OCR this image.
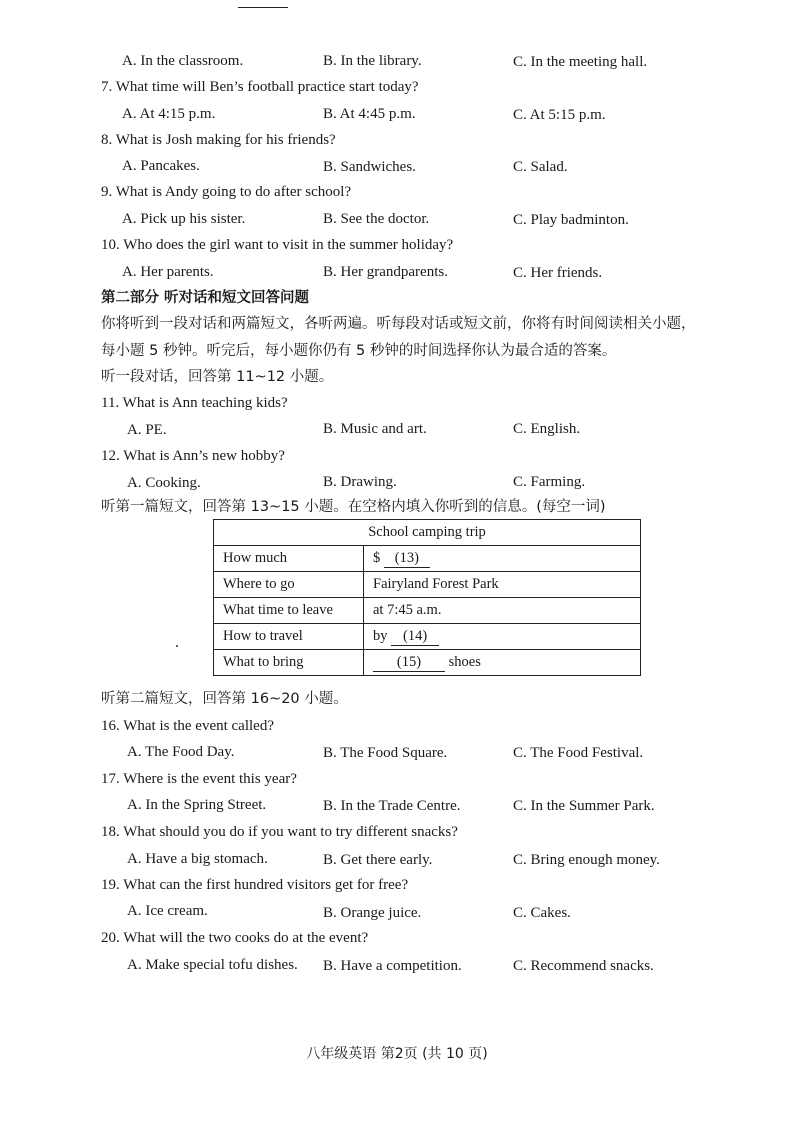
A. In the classroom.	B. In the library.	C. In the meeting hall.
7. What time will Ben’s football practice start today?
A. At 4:15 p.m.	B. At 4:45 p.m.	C. At 5:15 p.m.
8. What is Josh making for his friends?
A. Pancakes.	B. Sandwiches.	C. Salad.
9. What is Andy going to do after school?
A. Pick up his sister.	B. See the doctor.	C. Play badminton.
10. Who does the girl want to visit in the summer holiday?
A. Her parents.	B. Her grandparents.	C. Her friends.
第二部分 听对话和短文回答问题
你将听到一段对话和两篇短文，各听两遍。听每段对话或短文前，你将有时间阅读相关小题，
每小题 5 秒钟。听完后，每小题你仍有 5 秒钟的时间选择你认为最合适的答案。
听一段对话，回答第 11~12 小题。
11. What is Ann teaching kids?
A. PE.	B. Music and art.	C. English.
12. What is Ann’s new hobby?
A. Cooking.	B. Drawing.	C. Farming.
听第一篇短文，回答第 13~15 小题。在空格内填入你听到的信息。(每空一词)
School camping trip	
How much	$ (13)
Where to go	Fairyland Forest Park
What time to leave	at 7:45 a.m.
How to travel	by (14)
What to bring	(15) shoes
听第二篇短文，回答第 16~20 小题。
16. What is the event called?
A. The Food Day.	B. The Food Square.	C. The Food Festival.
17. Where is the event this year?
A. In the Spring Street.	B. In the Trade Centre.	C. In the Summer Park.
18. What should you do if you want to try different snacks?
A. Have a big stomach.	B. Get there early.	C. Bring enough money.
19. What can the first hundred visitors get for free?
A. Ice cream.	B. Orange juice.	C. Cakes.
20. What will the two cooks do at the event?
A. Make special tofu dishes. B. Have a competition.	C. Recommend snacks.
八年级英语 第2页 (共 10 页)
